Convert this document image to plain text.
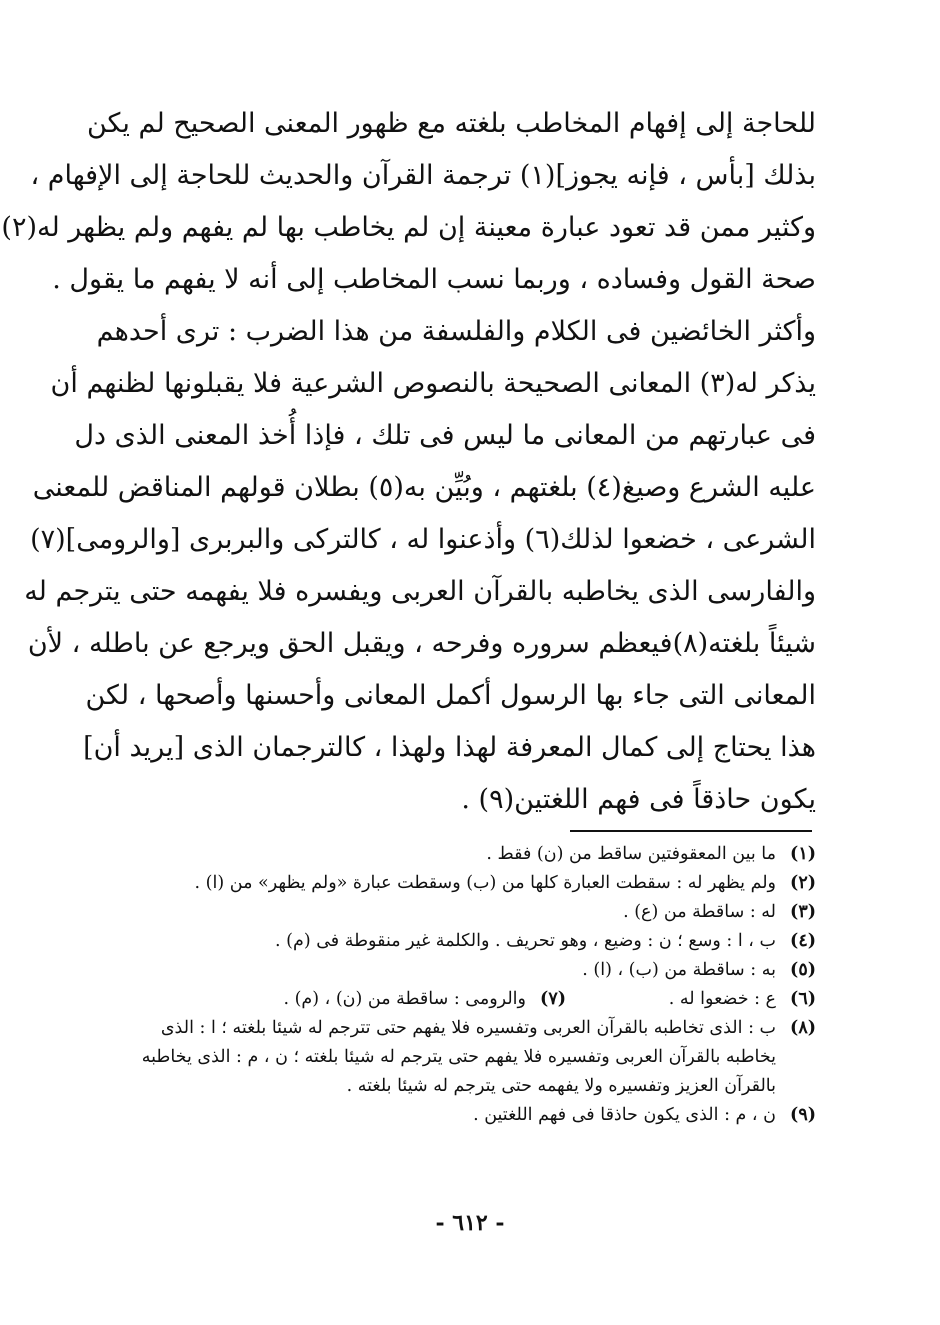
للحاجة إلى إفهام المخاطب بلغته مع ظهور المعنى الصحيح لم يكن
بذلك [بأس ، فإنه يجوز](١) ترجمة القرآن والحديث للحاجة إلى الإفهام ،
وكثير ممن قد تعود عبارة معينة إن لم يخاطب بها لم يفهم ولم يظهر له(٢)
صحة القول وفساده ، وربما نسب المخاطب إلى أنه لا يفهم ما يقول .
وأكثر الخائضين فى الكلام والفلسفة من هذا الضرب : ترى أحدهم
يذكر له(٣) المعانى الصحيحة بالنصوص الشرعية فلا يقبلونها لظنهم أن
فى عبارتهم من المعانى ما ليس فى تلك ، فإذا أُخذ المعنى الذى دل
عليه الشرع وصيغ(٤) بلغتهم ، وبُيِّن به(٥) بطلان قولهم المناقض للمعنى
الشرعى ، خضعوا لذلك(٦) وأذعنوا له ، كالتركى والبربرى [والرومى](٧)
والفارسى الذى يخاطبه بالقرآن العربى ويفسره فلا يفهمه حتى يترجم له
شيئاً بلغته(٨)فيعظم سروره وفرحه ، ويقبل الحق ويرجع عن باطله ، لأن
المعانى التى جاء بها الرسول أكمل المعانى وأحسنها وأصحها ، لكن
هذا يحتاج إلى كمال المعرفة لهذا ولهذا ، كالترجمان الذى [يريد أن]
يكون حاذقاً فى فهم اللغتين(٩) .
(١)
ما بين المعقوفتين ساقط من (ن) فقط .
(٢)
ولم يظهر له : سقطت العبارة كلها من (ب) وسقطت عبارة «ولم يظهر» من (ا) .
(٣)
له : ساقطة من (ع) .
(٤)
ب ، ا : وسع ؛ ن : وضيع ، وهو تحريف . والكلمة غير منقوطة فى (م) .
(٥)
به : ساقطة من (ب) ، (ا) .
(٦)
ع : خضعوا له .
(٧)
والرومى : ساقطة من (ن) ، (م) .
(٨)
ب : الذى تخاطبه بالقرآن العربى وتفسيره فلا يفهم حتى تترجم له شيئا بلغته ؛ ا : الذى
يخاطبه بالقرآن العربى وتفسيره فلا يفهم حتى يترجم له شيئا بلغته ؛ ن ، م : الذى يخاطبه
بالقرآن العزيز وتفسيره ولا يفهمه حتى يترجم له شيئا بلغته .
(٩)
ن ، م : الذى يكون حاذقا فى فهم اللغتين .
- ٦١٢ -
